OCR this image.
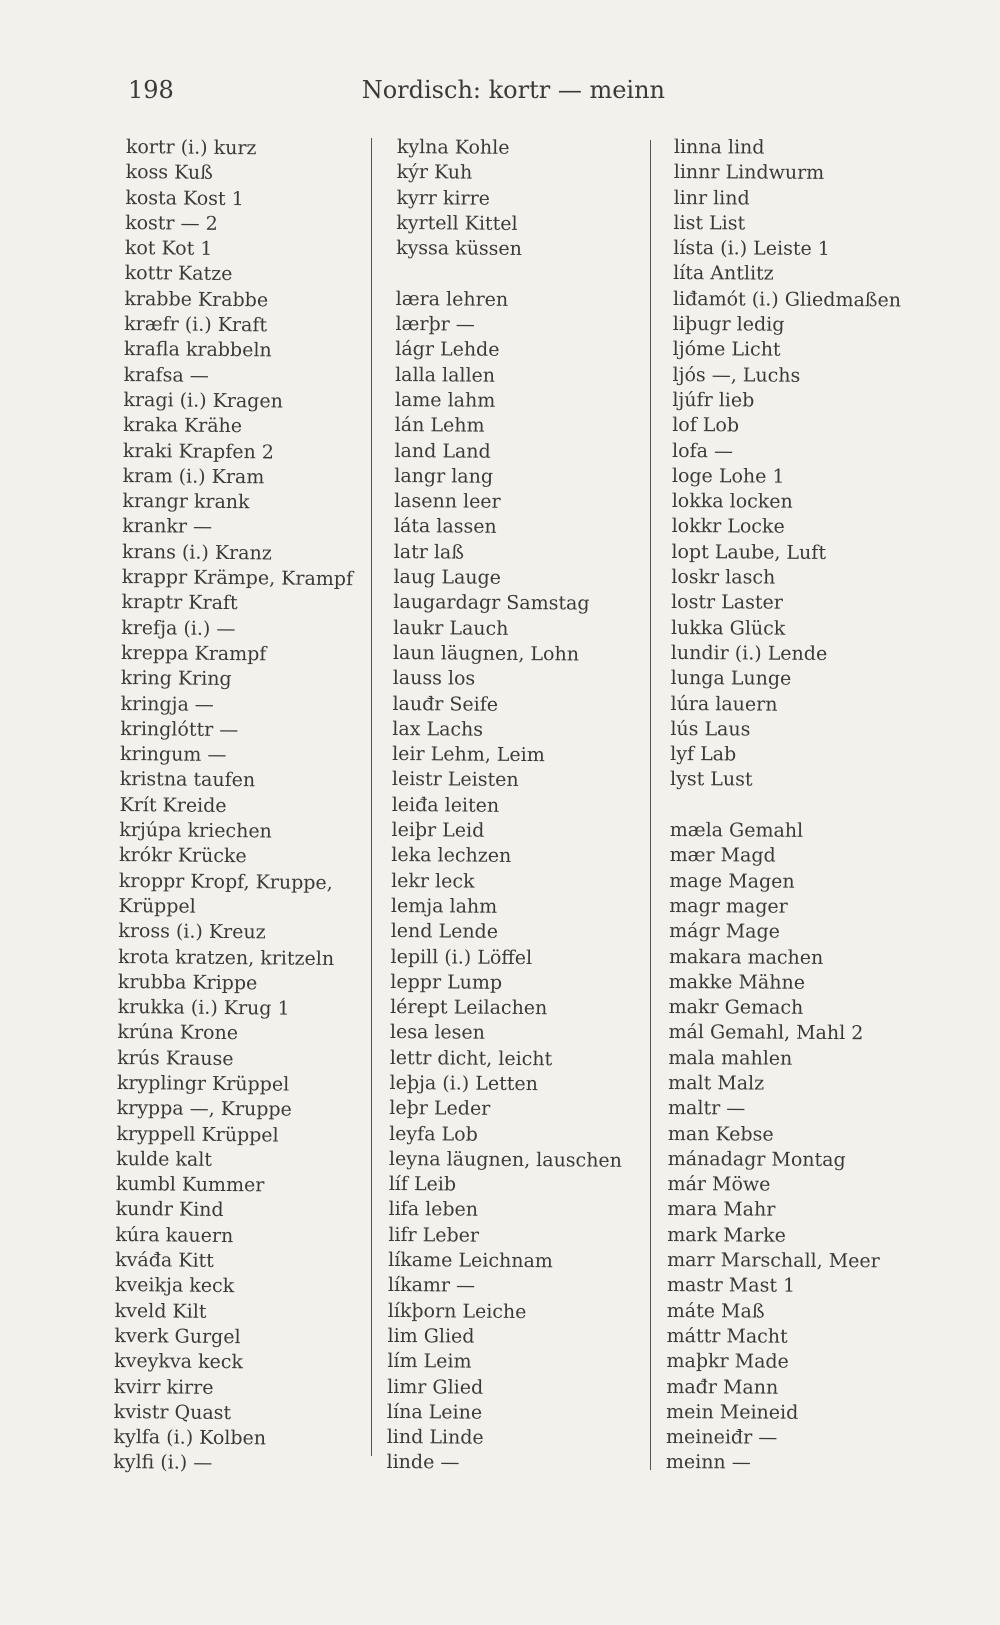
198	Nordisch: kortr — meinn
kortr (i.) kurz
koss Kuß
kosta Kost 1
kostr — 2
kot Kot 1
kottr Katze
krabbe Krabbe
kræfr (i.) Kraft
krafla krabbeln
krafsa —
kragi (i.) Kragen
kraka Krähe
kraki Krapfen 2
kram (i.) Kram
krangr krank
krankr —
krans (i.) Kranz
krappr Krämpe, Krampf
kraptr Kraft
krefja (i.) —
kreppa Krampf
kring Kring
kringja —
kringlóttr —
kringum —
kristna taufen
Krít Kreide
krjúpa kriechen
krókr Krücke
kroppr Kropf, Kruppe,
Krüppel
kross (i.) Kreuz
krota kratzen, kritzeln
krubba Krippe
krukka (i.) Krug 1
krúna Krone
krús Krause
kryplingr Krüppel
kryppa —, Kruppe
kryppell Krüppel
kulde kalt
kumbl Kummer
kundr Kind
kúra kauern
kváđa Kitt
kveikja keck
kveld Kilt
kverk Gurgel
kveykva keck
kvirr kirre
kvistr Quast
kylfa (i.) Kolben
kylfi (i.) —
kylna Kohle
kýr Kuh
kyrr kirre
kyrtell Kittel
kyssa küssen
læra lehren
lærþr —
lágr Lehde
lalla lallen
lame lahm
lán Lehm
land Land
langr lang
lasenn leer
láta lassen
latr laß
laug Lauge
laugardagr Samstag
laukr Lauch
laun läugnen, Lohn
lauss los
lauđr Seife
lax Lachs
leir Lehm, Leim
leistr Leisten
leiđa leiten
leiþr Leid
leka lechzen
lekr leck
lemja lahm
lend Lende
lepill (i.) Löffel
leppr Lump
lérept Leilachen
lesa lesen
lettr dicht, leicht
leþja (i.) Letten
leþr Leder
leyfa Lob
leyna läugnen, lauschen
líf Leib
lifa leben
lifr Leber
líkame Leichnam
líkamr —
líkþorn Leiche
lim Glied
lím Leim
limr Glied
lína Leine
lind Linde
linde —
linna lind
linnr Lindwurm
linr lind
list List
lísta (i.) Leiste 1
líta Antlitz
liđamót (i.) Gliedmaßen
liþugr ledig
ljóme Licht
ljós —, Luchs
ljúfr lieb
lof Lob
lofa —
loge Lohe 1
lokka locken
lokkr Locke
lopt Laube, Luft
loskr lasch
lostr Laster
lukka Glück
lundir (i.) Lende
lunga Lunge
lúra lauern
lús Laus
lyf Lab
lyst Lust
mæla Gemahl
mær Magd
mage Magen
magr mager
mágr Mage
makara machen
makke Mähne
makr Gemach
mál Gemahl, Mahl 2
mala mahlen
malt Malz
maltr —
man Kebse
mánadagr Montag
már Möwe
mara Mahr
mark Marke
marr Marschall, Meer
mastr Mast 1
máte Maß
máttr Macht
maþkr Made
mađr Mann
mein Meineid
meineiđr —
meinn —
